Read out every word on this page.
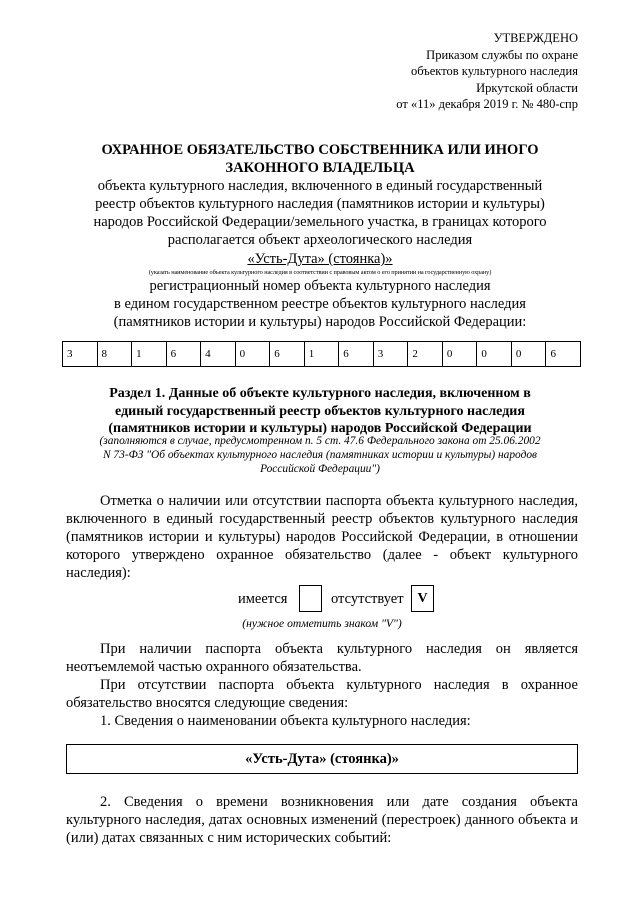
УТВЕРЖДЕНО
Приказом службы по охране
объектов культурного наследия
Иркутской области
от «11» декабря 2019 г. № 480-спр
ОХРАННОЕ ОБЯЗАТЕЛЬСТВО СОБСТВЕННИКА ИЛИ ИНОГО
ЗАКОННОГО ВЛАДЕЛЬЦА
объекта культурного наследия, включенного в единый государственный
реестр объектов культурного наследия (памятников истории и культуры)
народов Российской Федерации/земельного участка, в границах которого
располагается объект археологического наследия
«Усть-Дута» (стоянка)»
(указать наименование объекта культурного наследия в соответствии с правовым актом о его принятии на государственную охрану)
регистрационный номер объекта культурного наследия
в едином государственном реестре объектов культурного наследия
(памятников истории и культуры) народов Российской Федерации:
3	8	1	6	4	0	6	1	6	3	2	0	0	0	6
Раздел 1. Данные об объекте культурного наследия, включенном в
единый государственный реестр объектов культурного наследия
(памятников истории и культуры) народов Российской Федерации
(заполняются в случае, предусмотренном п. 5 ст. 47.6 Федерального закона от 25.06.2002
N 73-ФЗ "Об объектах культурного наследия (памятниках истории и культуры) народов
Российской Федерации")
Отметка о наличии или отсутствии паспорта объекта культурного наследия, включенного в единый государственный реестр объектов культурного наследия (памятников истории и культуры) народов Российской Федерации, в отношении которого утверждено охранное обязательство (далее - объект культурного наследия):
имеется	отсутствует V
(нужное отметить знаком "V")
При наличии паспорта объекта культурного наследия он является неотъемлемой частью охранного обязательства.
При отсутствии паспорта объекта культурного наследия в охранное обязательство вносятся следующие сведения:
1. Сведения о наименовании объекта культурного наследия:
«Усть-Дута» (стоянка)»
2. Сведения о времени возникновения или дате создания объекта культурного наследия, датах основных изменений (перестроек) данного объекта и (или) датах связанных с ним исторических событий:
